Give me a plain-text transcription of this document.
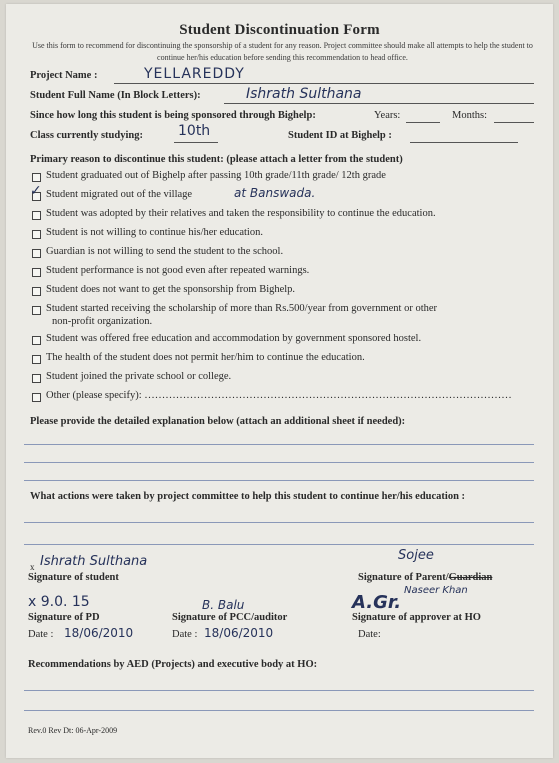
Student Discontinuation Form
Use this form to recommend for discontinuing the sponsorship of a student for any reason. Project committee should make all attempts to help the student to continue her/his education before sending this recommendation to head office.
Project Name :	YELLAREDDY
Student Full Name (In Block Letters):	Ishrath Sulthana
Since how long this student is being sponsored through Bighelp:	Years:	Months:
Class currently studying:	10th	Student ID at Bighelp :
Primary reason to discontinue this student: (please attach a letter from the student)
Student graduated out of Bighelp after passing 10th grade/11th grade/ 12th grade
✓ Student migrated out of the village	at Banswada.
Student was adopted by their relatives and taken the responsibility to continue the education.
Student is not willing to continue his/her education.
Guardian is not willing to send the student to the school.
Student performance is not good even after repeated warnings.
Student does not want to get the sponsorship from Bighelp.
Student started receiving the scholarship of more than Rs.500/year from government or other
non-profit organization.
Student was offered free education and accommodation by government sponsored hostel.
The health of the student does not permit her/him to continue the education.
Student joined the private school or college.
Other (please specify): ……………………………………………………………………………………………
Please provide the detailed explanation below (attach an additional sheet if needed):
What actions were taken by project committee to help this student to continue her/his education :
x Ishrath Sulthana
Signature of student
Sojee
Signature of Parent/Guardian
Naseer Khan
x 9.0. 15
Signature of PD
Date : 18/06/2010
B. Balu
Signature of PCC/auditor
Date : 18/06/2010
A.Gr.
Signature of approver at HO
Date:
Recommendations by AED (Projects) and executive body at HO:
Rev.0 Rev Dt: 06-Apr-2009
